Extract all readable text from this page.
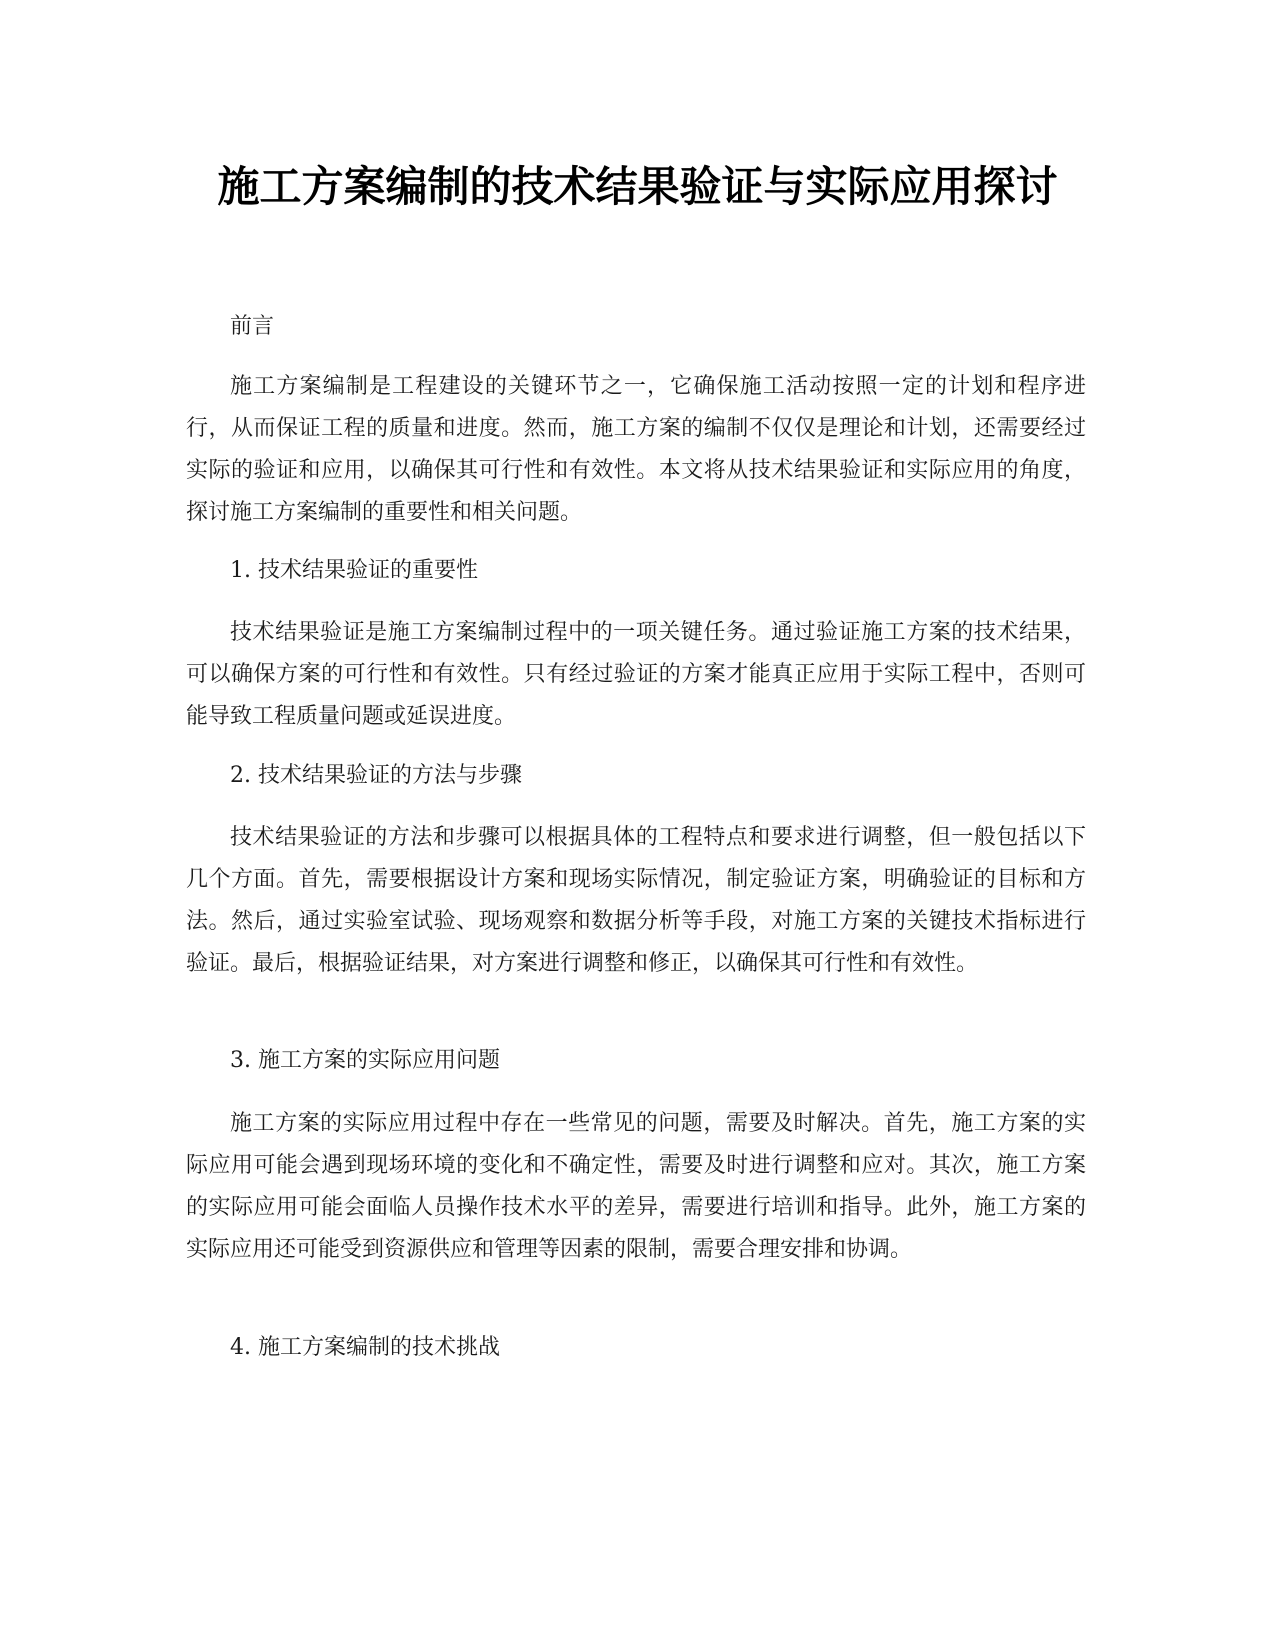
施工方案编制的技术结果验证与实际应用探讨

前言

施工方案编制是工程建设的关键环节之一，它确保施工活动按照一定的计划和程序进行，从而保证工程的质量和进度。然而，施工方案的编制不仅仅是理论和计划，还需要经过实际的验证和应用，以确保其可行性和有效性。本文将从技术结果验证和实际应用的角度，探讨施工方案编制的重要性和相关问题。

1. 技术结果验证的重要性

技术结果验证是施工方案编制过程中的一项关键任务。通过验证施工方案的技术结果，可以确保方案的可行性和有效性。只有经过验证的方案才能真正应用于实际工程中，否则可能导致工程质量问题或延误进度。

2. 技术结果验证的方法与步骤

技术结果验证的方法和步骤可以根据具体的工程特点和要求进行调整，但一般包括以下几个方面。首先，需要根据设计方案和现场实际情况，制定验证方案，明确验证的目标和方法。然后，通过实验室试验、现场观察和数据分析等手段，对施工方案的关键技术指标进行验证。最后，根据验证结果，对方案进行调整和修正，以确保其可行性和有效性。

3. 施工方案的实际应用问题

施工方案的实际应用过程中存在一些常见的问题，需要及时解决。首先，施工方案的实际应用可能会遇到现场环境的变化和不确定性，需要及时进行调整和应对。其次，施工方案的实际应用可能会面临人员操作技术水平的差异，需要进行培训和指导。此外，施工方案的实际应用还可能受到资源供应和管理等因素的限制，需要合理安排和协调。

4. 施工方案编制的技术挑战
